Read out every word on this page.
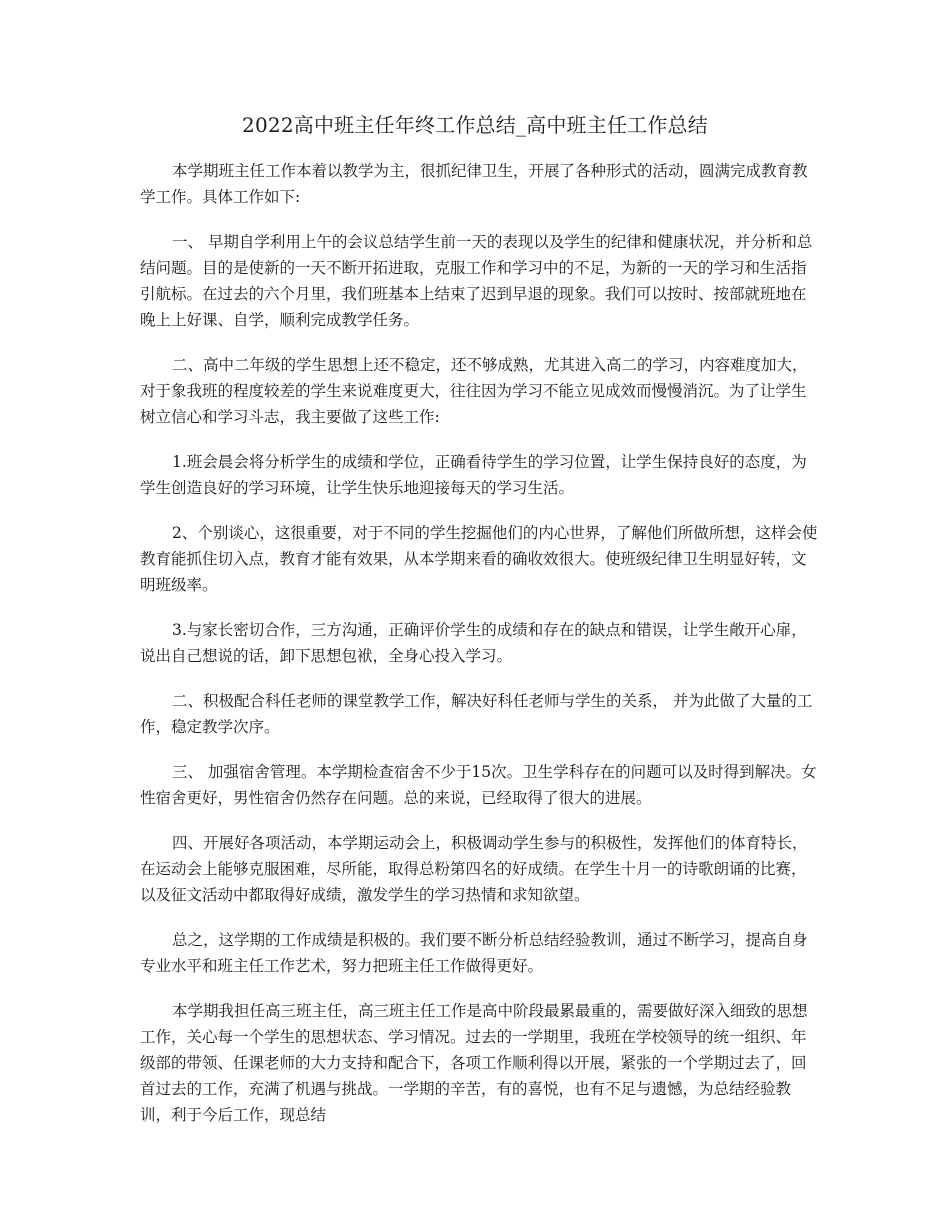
2022高中班主任年终工作总结_高中班主任工作总结

本学期班主任工作本着以教学为主，很抓纪律卫生，开展了各种形式的活动，圆满完成教育教学工作。具体工作如下:

一、 早期自学利用上午的会议总结学生前一天的表现以及学生的纪律和健康状况，并分析和总结问题。目的是使新的一天不断开拓进取，克服工作和学习中的不足，为新的一天的学习和生活指引航标。在过去的六个月里，我们班基本上结束了迟到早退的现象。我们可以按时、按部就班地在晚上上好课、自学，顺利完成教学任务。

二、高中二年级的学生思想上还不稳定，还不够成熟，尤其进入高二的学习，内容难度加大，对于象我班的程度较差的学生来说难度更大，往往因为学习不能立见成效而慢慢消沉。为了让学生树立信心和学习斗志，我主要做了这些工作:

1.班会晨会将分析学生的成绩和学位，正确看待学生的学习位置，让学生保持良好的态度，为学生创造良好的学习环境，让学生快乐地迎接每天的学习生活。

2、个别谈心，这很重要，对于不同的学生挖掘他们的内心世界，了解他们所做所想，这样会使教育能抓住切入点，教育才能有效果，从本学期来看的确收效很大。使班级纪律卫生明显好转，文明班级率。

3.与家长密切合作，三方沟通，正确评价学生的成绩和存在的缺点和错误，让学生敞开心扉，说出自己想说的话，卸下思想包袱，全身心投入学习。

二、积极配合科任老师的课堂教学工作，解决好科任老师与学生的关系， 并为此做了大量的工作，稳定教学次序。

三、 加强宿舍管理。本学期检查宿舍不少于15次。卫生学科存在的问题可以及时得到解决。女性宿舍更好，男性宿舍仍然存在问题。总的来说，已经取得了很大的进展。

四、开展好各项活动，本学期运动会上，积极调动学生参与的积极性，发挥他们的体育特长，在运动会上能够克服困难，尽所能，取得总粉第四名的好成绩。在学生十月一的诗歌朗诵的比赛，以及征文活动中都取得好成绩，激发学生的学习热情和求知欲望。

总之，这学期的工作成绩是积极的。我们要不断分析总结经验教训，通过不断学习，提高自身专业水平和班主任工作艺术，努力把班主任工作做得更好。

本学期我担任高三班主任，高三班主任工作是高中阶段最累最重的，需要做好深入细致的思想工作，关心每一个学生的思想状态、学习情况。过去的一学期里，我班在学校领导的统一组织、年级部的带领、任课老师的大力支持和配合下，各项工作顺利得以开展，紧张的一个学期过去了，回首过去的工作，充满了机遇与挑战。一学期的辛苦，有的喜悦，也有不足与遗憾，为总结经验教训，利于今后工作，现总结
